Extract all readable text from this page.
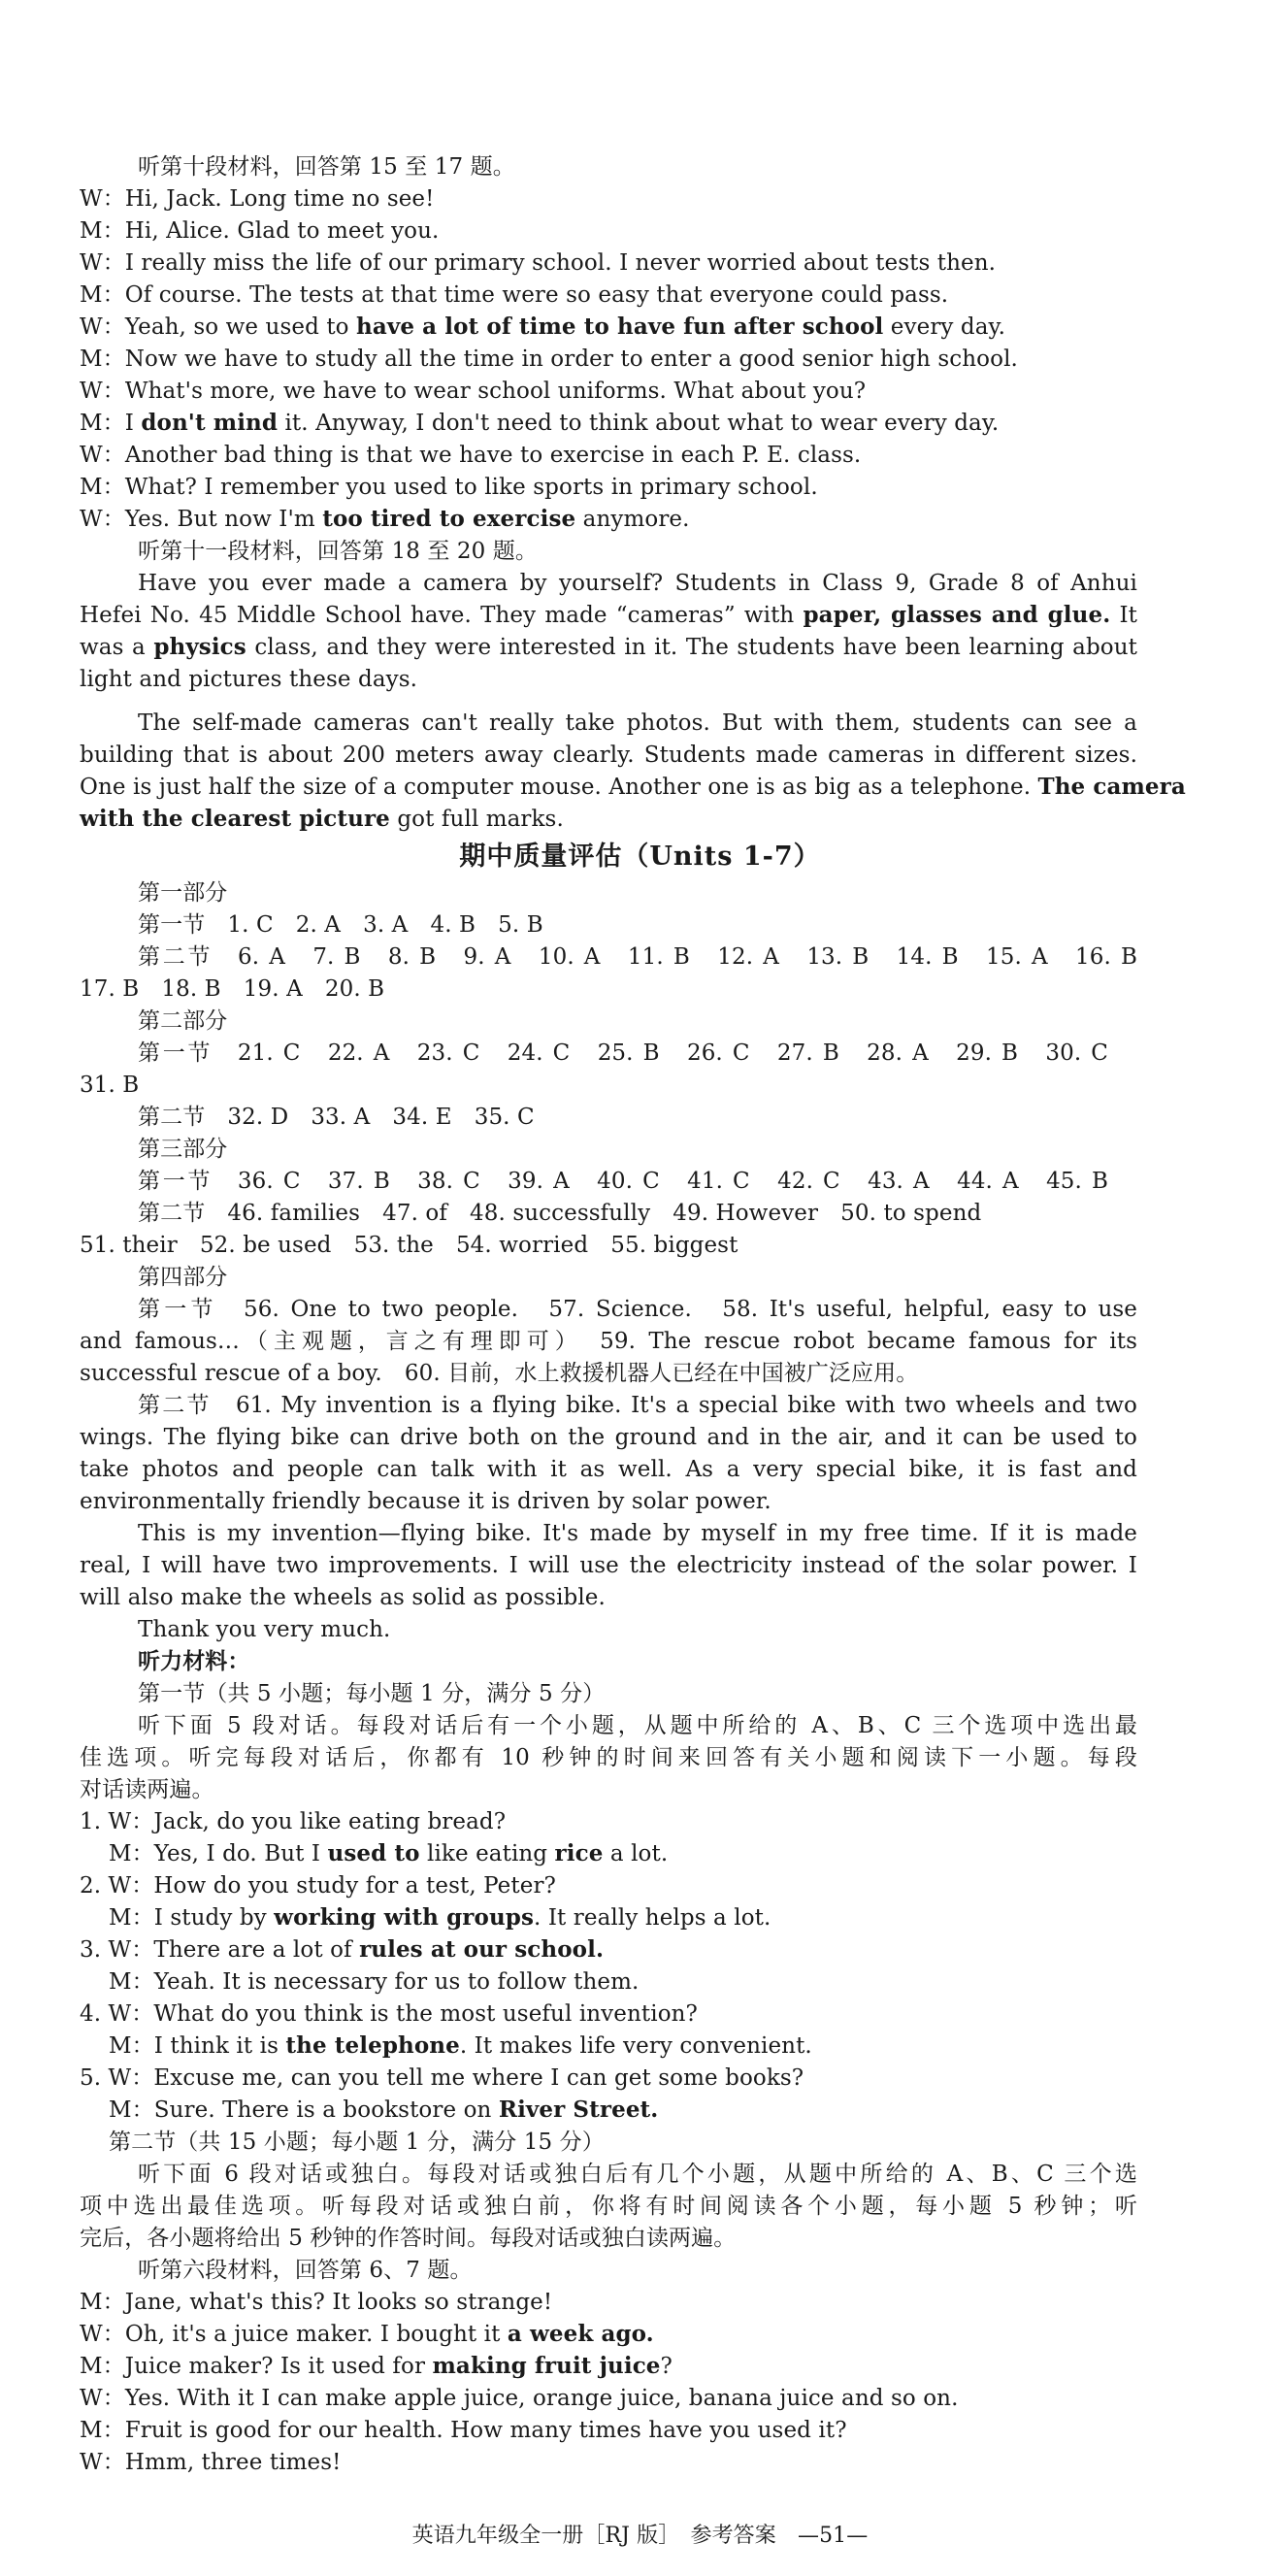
听第十段材料，回答第 15 至 17 题。
W：Hi, Jack. Long time no see!
M：Hi, Alice. Glad to meet you.
W：I really miss the life of our primary school. I never worried about tests then.
M：Of course. The tests at that time were so easy that everyone could pass.
W：Yeah, so we used to have a lot of time to have fun after school every day.
M：Now we have to study all the time in order to enter a good senior high school.
W：What's more, we have to wear school uniforms. What about you?
M：I don't mind it. Anyway, I don't need to think about what to wear every day.
W：Another bad thing is that we have to exercise in each P. E. class.
M：What? I remember you used to like sports in primary school.
W：Yes. But now I'm too tired to exercise anymore.
听第十一段材料，回答第 18 至 20 题。
Have you ever made a camera by yourself? Students in Class 9, Grade 8 of Anhui
Hefei No. 45 Middle School have. They made “cameras” with paper, glasses and glue. It
was a physics class, and they were interested in it. The students have been learning about
light and pictures these days.
The self-made cameras can't really take photos. But with them, students can see a
building that is about 200 meters away clearly. Students made cameras in different sizes.
One is just half the size of a computer mouse. Another one is as big as a telephone. The camera
with the clearest picture got full marks.
第一部分
第一节　1. C　2. A　3. A　4. B　5. B
第二节　6. A　7. B　8. B　9. A　10. A　11. B　12. A　13. B　14. B　15. A　16. B
17. B　18. B　19. A　20. B
第二部分
第一节　21. C　22. A　23. C　24. C　25. B　26. C　27. B　28. A　29. B　30. C
31. B
第二节　32. D　33. A　34. E　35. C
第三部分
第一节　36. C　37. B　38. C　39. A　40. C　41. C　42. C　43. A　44. A　45. B
第二节　46. families　47. of　48. successfully　49. However　50. to spend
51. their　52. be used　53. the　54. worried　55. biggest
第四部分
第一节　56. One to two people.　57. Science.　58. It's useful, helpful, easy to use
and famous…（主观题，言之有理即可）　59. The rescue robot became famous for its
successful rescue of a boy.　60. 目前，水上救援机器人已经在中国被广泛应用。
第二节　61. My invention is a flying bike. It's a special bike with two wheels and two
wings. The flying bike can drive both on the ground and in the air, and it can be used to
take photos and people can talk with it as well. As a very special bike, it is fast and
environmentally friendly because it is driven by solar power.
This is my invention—flying bike. It's made by myself in my free time. If it is made
real, I will have two improvements. I will use the electricity instead of the solar power. I
will also make the wheels as solid as possible.
Thank you very much.
听力材料：
第一节（共 5 小题；每小题 1 分，满分 5 分）
听下面 5 段对话。每段对话后有一个小题，从题中所给的 A、B、C 三个选项中选出最
佳选项。听完每段对话后，你都有 10 秒钟的时间来回答有关小题和阅读下一小题。每段
对话读两遍。
1. W：Jack, do you like eating bread?
M：Yes, I do. But I used to like eating rice a lot.
2. W：How do you study for a test, Peter?
M：I study by working with groups. It really helps a lot.
3. W：There are a lot of rules at our school.
M：Yeah. It is necessary for us to follow them.
4. W：What do you think is the most useful invention?
M：I think it is the telephone. It makes life very convenient.
5. W：Excuse me, can you tell me where I can get some books?
M：Sure. There is a bookstore on River Street.
第二节（共 15 小题；每小题 1 分，满分 15 分）
听下面 6 段对话或独白。每段对话或独白后有几个小题，从题中所给的 A、B、C 三个选
项中选出最佳选项。听每段对话或独白前，你将有时间阅读各个小题，每小题 5 秒钟；听
完后，各小题将给出 5 秒钟的作答时间。每段对话或独白读两遍。
听第六段材料，回答第 6、7 题。
M：Jane, what's this? It looks so strange!
W：Oh, it's a juice maker. I bought it a week ago.
M：Juice maker? Is it used for making fruit juice?
W：Yes. With it I can make apple juice, orange juice, banana juice and so on.
M：Fruit is good for our health. How many times have you used it?
W：Hmm, three times!
期中质量评估（Units 1-7）
英语九年级全一册［RJ 版］　参考答案　—51—
